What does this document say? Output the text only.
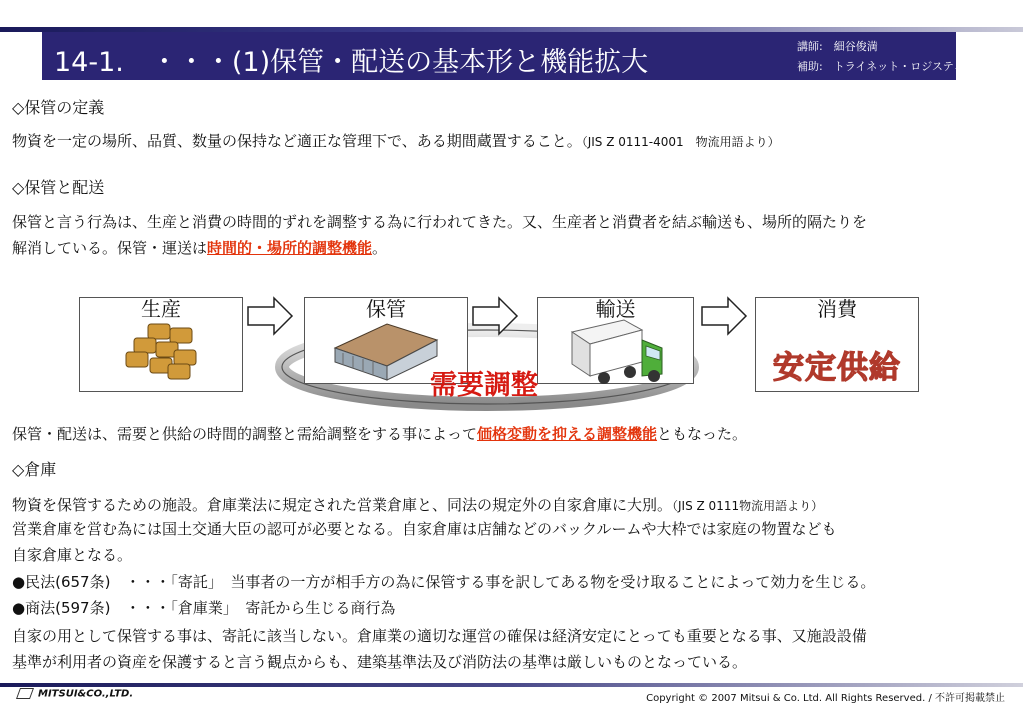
14-1.　・・・(1)保管・配送の基本形と機能拡大
講師:　細谷俊満
補助:　トライネット・ロジスティクス
◇保管の定義
物資を一定の場所、品質、数量の保持など適正な管理下で、ある期間蔵置すること。（JIS Z 0111-4001　物流用語より）
◇保管と配送
保管と言う行為は、生産と消費の時間的ずれを調整する為に行われてきた。又、生産者と消費者を結ぶ輸送も、場所的隔たりを
解消している。保管・運送は時間的・場所的調整機能。
生産	保管	輸送	消費
安定供給
需要調整
保管・配送は、需要と供給の時間的調整と需給調整をする事によって価格変動を抑える調整機能ともなった。
◇倉庫
物資を保管するための施設。倉庫業法に規定された営業倉庫と、同法の規定外の自家倉庫に大別。（JIS Z 0111物流用語より）
営業倉庫を営む為には国土交通大臣の認可が必要となる。自家倉庫は店舗などのバックルームや大枠では家庭の物置なども
自家倉庫となる。
●民法(657条)　・・・「寄託」　当事者の一方が相手方の為に保管する事を訳してある物を受け取ることによって効力を生じる。
●商法(597条)　・・・「倉庫業」　寄託から生じる商行為
自家の用として保管する事は、寄託に該当しない。倉庫業の適切な運営の確保は経済安定にとっても重要となる事、又施設設備
基準が利用者の資産を保護すると言う観点からも、建築基準法及び消防法の基準は厳しいものとなっている。
MITSUI&CO.,LTD.	Copyright © 2007 Mitsui & Co. Ltd. All Rights Reserved. / 不許可掲載禁止
